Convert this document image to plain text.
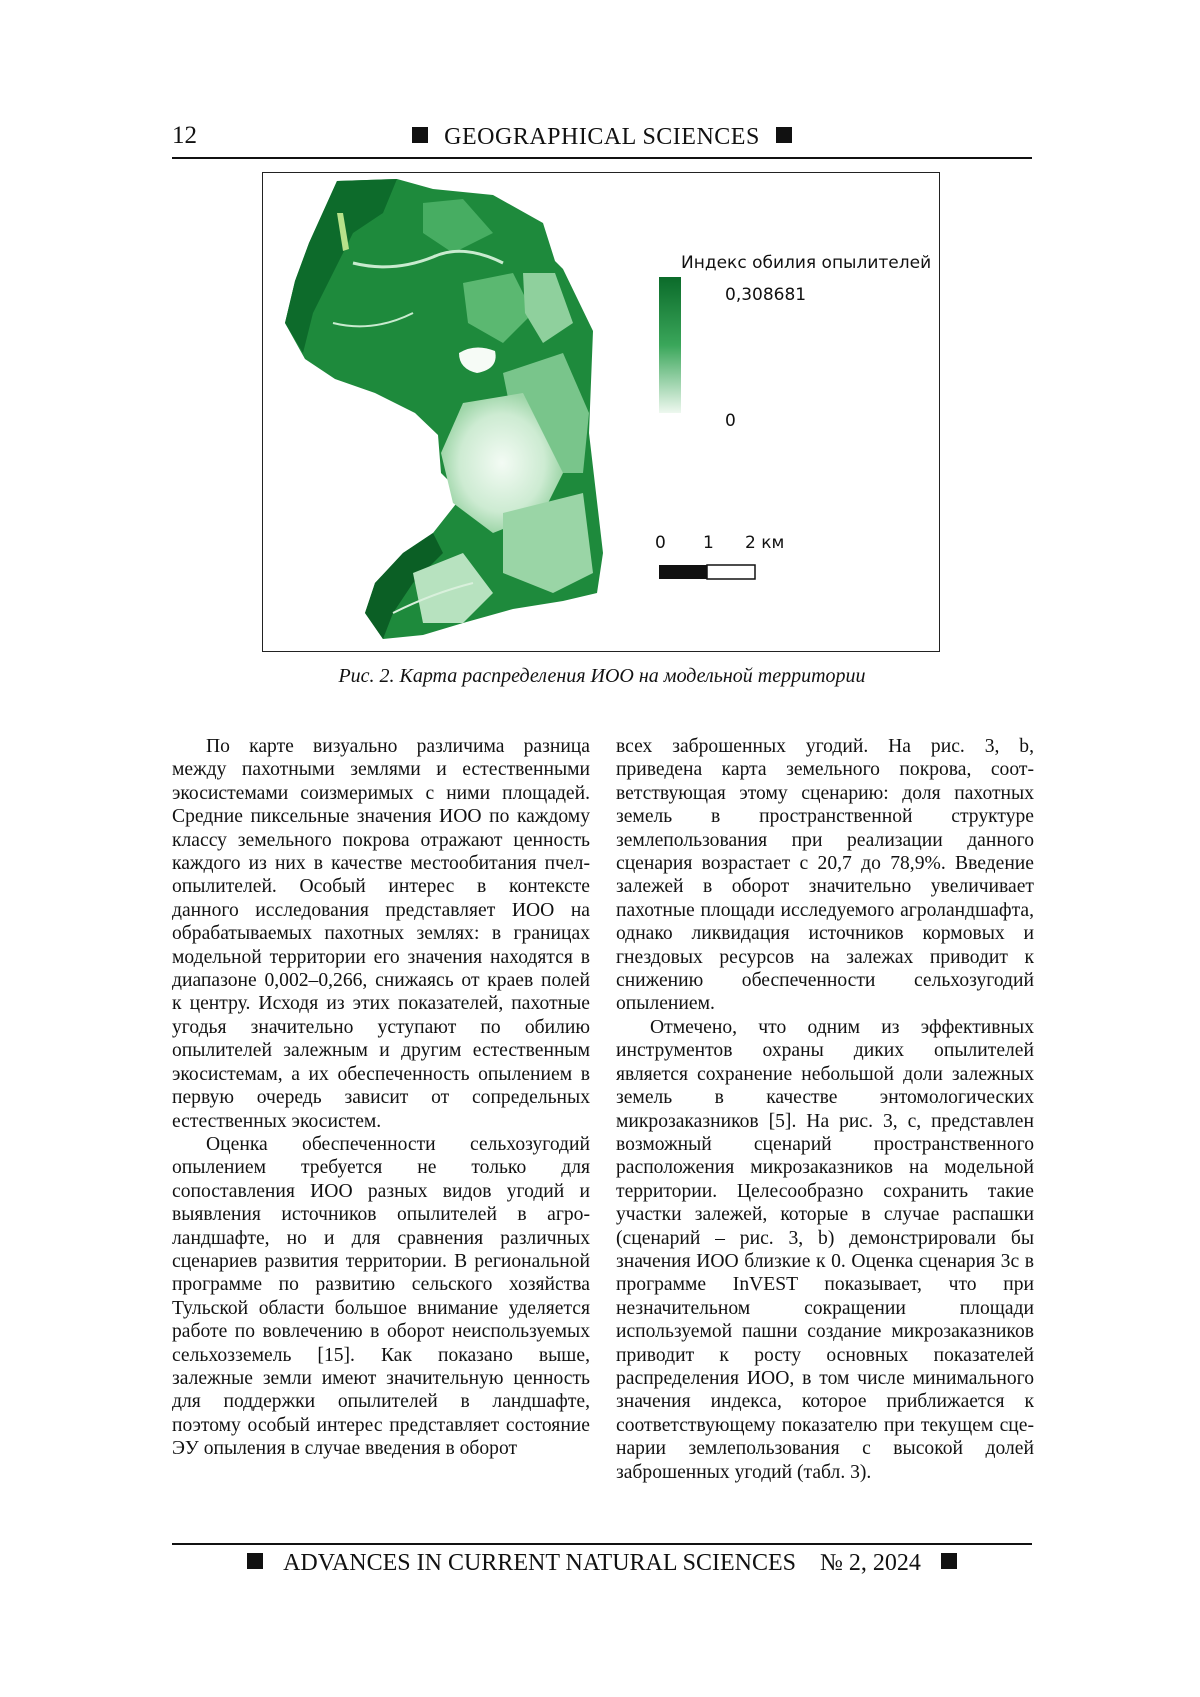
12	GEOGRAPHICAL SCIENCES
Индекс обилия опылителей
0,308681
0
0 1 2 км
Рис. 2. Карта распределения ИОО на модельной территории

По карте визуально различима разница между пахотными землями и естественны­ми экосистемами соизмеримых с ними пло­щадей. Средние пиксельные значения ИОО по каждому классу земельного покрова от­ражают ценность каждого из них в качестве местообитания пчел-опылителей. Особый интерес в контексте данного исследова­ния представляет ИОО на обрабатываемых пахотных землях: в границах модельной территории его значения находятся в диа­пазоне 0,002–0,266, снижаясь от краев по­лей к центру. Исходя из этих показателей, пахотные угодья значительно уступают по обилию опылителей залежным и другим естественным экосистемам, а их обеспечен­ность опылением в первую очередь зависит от сопредельных естественных экосистем.

Оценка обеспеченности сельхозуго­дий опылением требуется не только для сопоставления ИОО разных видов угодий и выявления источников опылителей в агро­ландшафте, но и для сравнения различных сценариев развития территории. В регио­нальной программе по развитию сельско­го хозяйства Тульской области большое внимание уделяется работе по вовлечению в оборот неиспользуемых сельхозземель [15]. Как показано выше, залежные земли имеют значительную ценность для под­держки опылителей в ландшафте, поэтому особый интерес представляет состояние ЭУ опыления в случае введения в оборот

всех заброшенных угодий. На рис. 3, b, приведена карта земельного покрова, соот­ветствующая этому сценарию: доля пахот­ных земель в пространственной структуре землепользования при реализации данного сценария возрастает с 20,7 до 78,9%. Введе­ние залежей в оборот значительно увеличи­вает пахотные площади исследуемого агро­ландшафта, однако ликвидация источников кормовых и гнездовых ресурсов на зале­жах приводит к снижению обеспеченности сельхозугодий опылением.

Отмечено, что одним из эффективных инструментов охраны диких опылителей является сохранение небольшой доли за­лежных земель в качестве энтомологиче­ских микрозаказников [5]. На рис. 3, c, пред­ставлен возможный сценарий простран­ственного расположения микрозаказников на модельной территории. Целесообразно сохранить такие участки залежей, которые в случае распашки (сценарий – рис. 3, b) де­монстрировали бы значения ИОО близкие к 0. Оценка сценария 3c в программе In­VEST показывает, что при незначительном сокращении площади используемой пашни создание микрозаказников приводит к ро­сту основных показателей распределения ИОО, в том числе минимального значения индекса, которое приближается к соответ­ствующему показателю при текущем сце­нарии землепользования с высокой долей заброшенных угодий (табл. 3).

ADVANCES IN CURRENT NATURAL SCIENCES № 2, 2024
